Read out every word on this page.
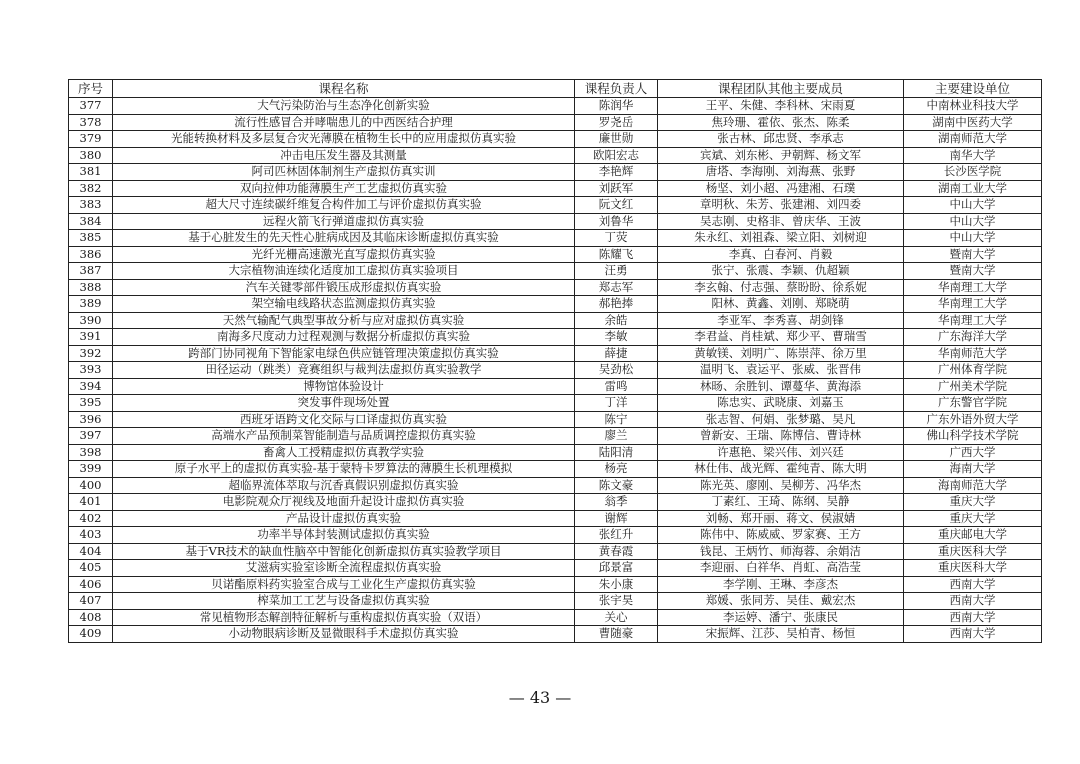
序号	课程名称	课程负责人	课程团队其他主要成员	主要建设单位
377	大气污染防治与生态净化创新实验	陈润华	王平、朱健、李科林、宋雨夏	中南林业科技大学
378	流行性感冒合并哮喘患儿的中西医结合护理	罗尧岳	焦玲珊、霍依、张杰、陈柔	湖南中医药大学
379	光能转换材料及多层复合灾光薄膜在植物生长中的应用虚拟仿真实验	廉世勋	张古林、邱忠贤、李承志	湖南师范大学
380	冲击电压发生器及其测量	欧阳宏志	宾斌、刘东彬、尹朝辉、杨文军	南华大学
381	阿司匹林固体制剂生产虚拟仿真实训	李艳辉	唐塔、李海刚、刘海燕、张野	长沙医学院
382	双向拉伸功能薄膜生产工艺虚拟仿真实验	刘跃军	杨坚、刘小超、冯建湘、石璞	湖南工业大学
383	超大尺寸连续碳纤维复合构件加工与评价虚拟仿真实验	阮文红	章明秋、朱芳、张建湘、刘四委	中山大学
384	远程火箭飞行弹道虚拟仿真实验	刘鲁华	吴志刚、史格非、曾庆华、王波	中山大学
385	基于心脏发生的先天性心脏病成因及其临床诊断虚拟仿真实验	丁荧	朱永红、刘祖森、梁立阳、刘树迎	中山大学
386	光纤光栅高速激光直写虚拟仿真实验	陈耀飞	李真、白春河、肖毅	暨南大学
387	大宗植物油连续化适度加工虚拟仿真实验项目	汪勇	张宁、张震、李颖、仇超颖	暨南大学
388	汽车关键零部件锻压成形虚拟仿真实验	郑志军	李玄翰、付志强、蔡盼盼、徐系妮	华南理工大学
389	架空输电线路状态监测虚拟仿真实验	郝艳捧	阳林、黄鑫、刘刚、郑晓萌	华南理工大学
390	天然气输配气典型事故分析与应对虚拟仿真实验	余皓	李亚军、李秀喜、胡剑锋	华南理工大学
391	南海多尺度动力过程观测与数据分析虚拟仿真实验	李敏	李君益、肖桂斌、郑少平、曹瑞雪	广东海洋大学
392	跨部门协同视角下智能家电绿色供应链管理决策虚拟仿真实验	薛捷	黄敏镁、刘明广、陈崇萍、徐万里	华南师范大学
393	田径运动（跳类）竞赛组织与裁判法虚拟仿真实验教学	吴劲松	温明飞、袁运平、张威、张晋伟	广州体育学院
394	博物馆体验设计	雷鸣	林旸、余胜钊、谭蔓华、黄海添	广州美术学院
395	突发事件现场处置	丁洋	陈忠实、武晓康、刘嘉玉	广东警官学院
396	西班牙语跨文化交际与口译虚拟仿真实验	陈宁	张志智、何娟、张梦璐、吴凡	广东外语外贸大学
397	高端水产品预制菜智能制造与品质调控虚拟仿真实验	廖兰	曾新安、王瑞、陈博信、曹诗林	佛山科学技术学院
398	畜禽人工授精虚拟仿真教学实验	陆阳清	许惠艳、梁兴伟、刘兴廷	广西大学
399	原子水平上的虚拟仿真实验-基于蒙特卡罗算法的薄膜生长机理模拟	杨亮	林仕伟、战光辉、霍纯青、陈大明	海南大学
400	超临界流体萃取与沉香真假识别虚拟仿真实验	陈文豪	陈光英、廖刚、吴柳芳、冯华杰	海南师范大学
401	电影院观众厅视线及地面升起设计虚拟仿真实验	翁季	丁素红、王琦、陈纲、吴静	重庆大学
402	产品设计虚拟仿真实验	谢辉	刘畅、郑开丽、蒋文、侯淑婧	重庆大学
403	功率半导体封装测试虚拟仿真实验	张红升	陈伟中、陈威威、罗家赛、王方	重庆邮电大学
404	基于VR技术的缺血性脑卒中智能化创新虚拟仿真实验教学项目	黄春霞	钱昆、王炳竹、师海蓉、余娟洁	重庆医科大学
405	艾滋病实验室诊断全流程虚拟仿真实验	邱景富	李迎丽、白祥华、肖虹、高浩莹	重庆医科大学
406	贝诺酯原料药实验室合成与工业化生产虚拟仿真实验	朱小康	李学刚、王琳、李彦杰	西南大学
407	榨菜加工工艺与设备虚拟仿真实验	张宇昊	郑媛、张同芳、吴佳、戴宏杰	西南大学
408	常见植物形态解剖特征解析与重构虚拟仿真实验（双语）	关心	李运婷、潘宁、张康民	西南大学
409	小动物眼病诊断及显微眼科手术虚拟仿真实验	曹随豪	宋振辉、江莎、吴柏青、杨恒	西南大学
— 43 —
